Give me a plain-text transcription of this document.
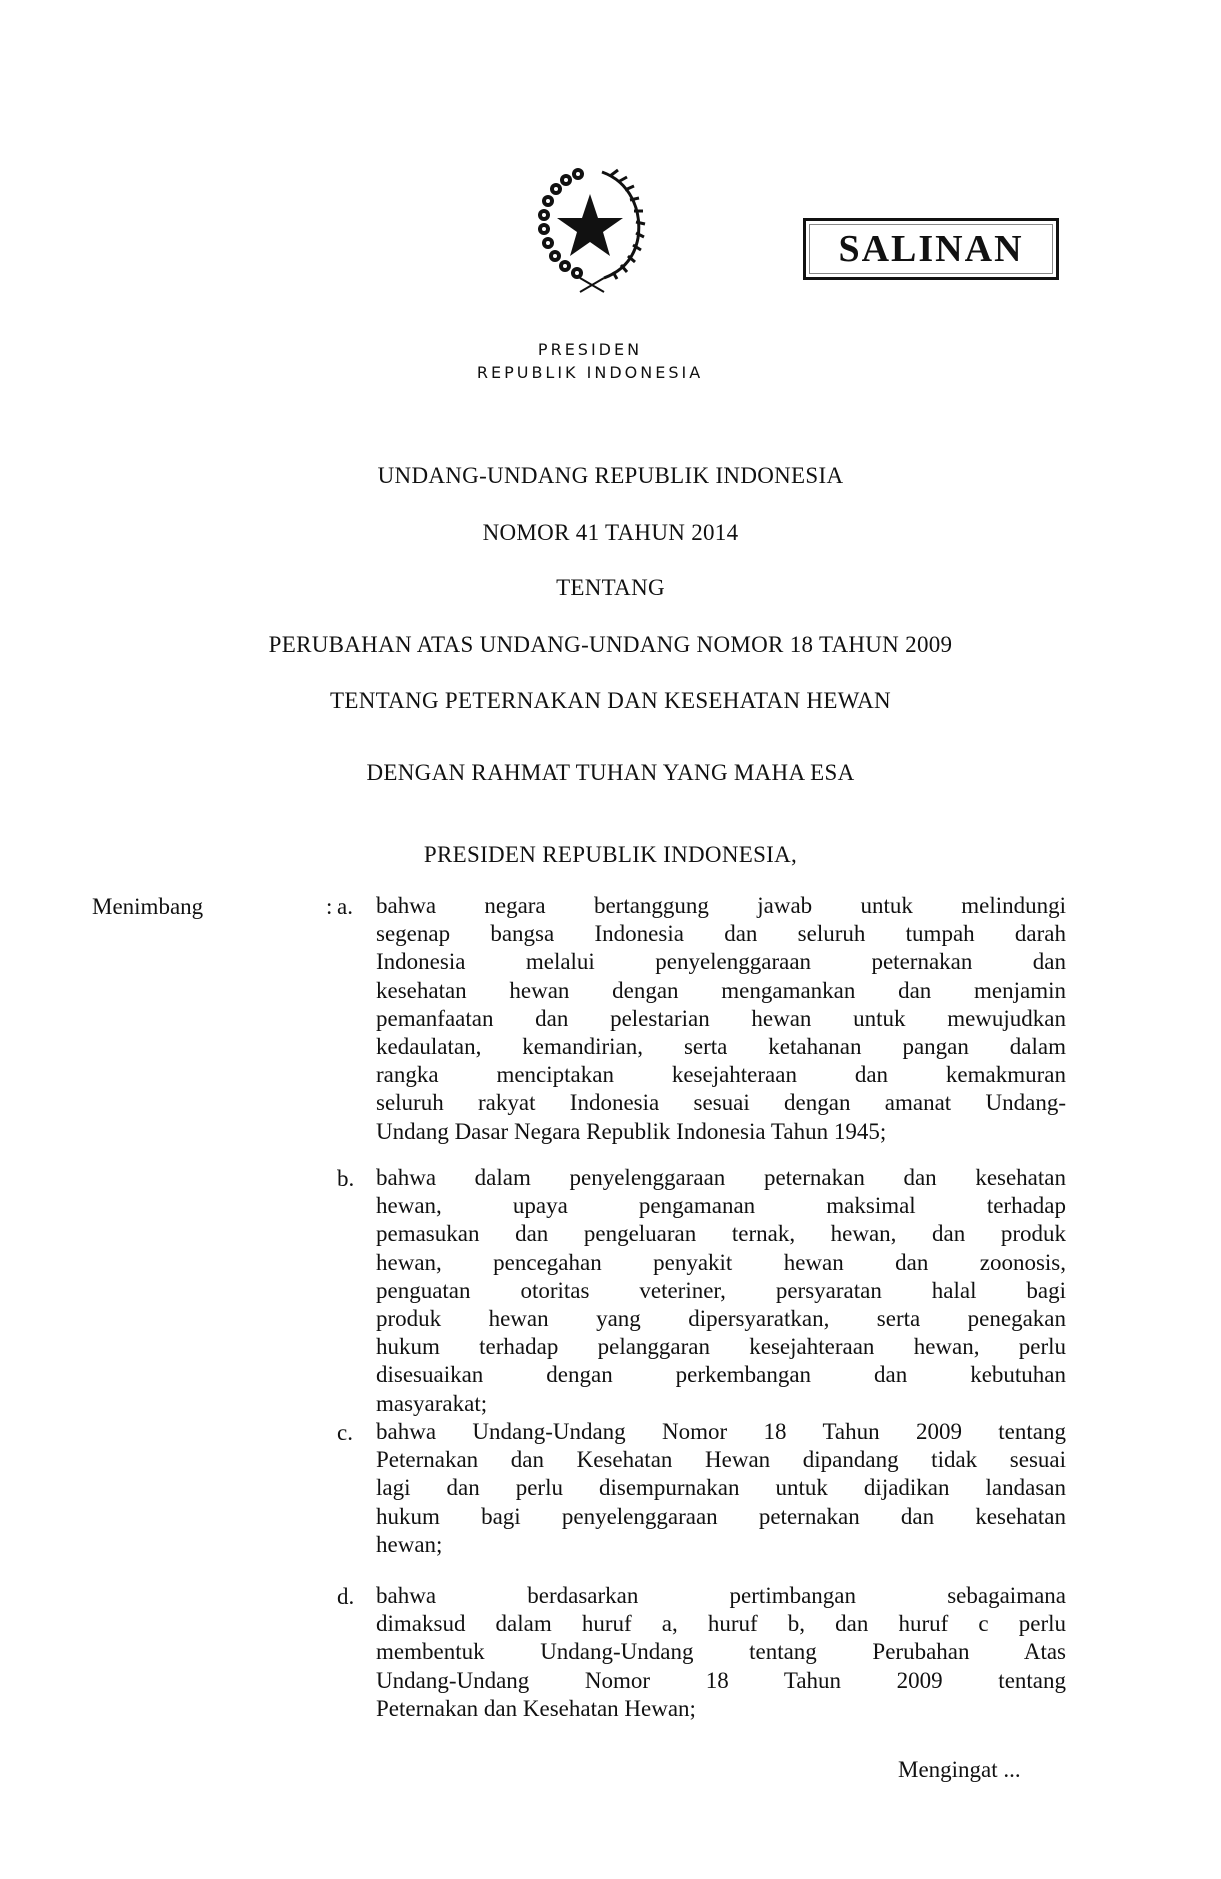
SALINAN
PRESIDEN
REPUBLIK INDONESIA
UNDANG-UNDANG REPUBLIK INDONESIA
NOMOR 41 TAHUN 2014
TENTANG
PERUBAHAN ATAS UNDANG-UNDANG NOMOR 18 TAHUN 2009
TENTANG PETERNAKAN DAN KESEHATAN HEWAN
DENGAN RAHMAT TUHAN YANG MAHA ESA
PRESIDEN REPUBLIK INDONESIA,
Menimbang	: a. bahwa negara bertanggung jawab untuk melindungi
segenap bangsa Indonesia dan seluruh tumpah darah
Indonesia melalui penyelenggaraan peternakan dan
kesehatan hewan dengan mengamankan dan menjamin
pemanfaatan dan pelestarian hewan untuk mewujudkan
kedaulatan, kemandirian, serta ketahanan pangan dalam
rangka menciptakan kesejahteraan dan kemakmuran
seluruh rakyat Indonesia sesuai dengan amanat Undang-
Undang Dasar Negara Republik Indonesia Tahun 1945;
b. bahwa dalam penyelenggaraan peternakan dan kesehatan
hewan, upaya pengamanan maksimal terhadap
pemasukan dan pengeluaran ternak, hewan, dan produk
hewan, pencegahan penyakit hewan dan zoonosis,
penguatan otoritas veteriner, persyaratan halal bagi
produk hewan yang dipersyaratkan, serta penegakan
hukum terhadap pelanggaran kesejahteraan hewan, perlu
disesuaikan dengan perkembangan dan kebutuhan
masyarakat;
c. bahwa Undang-Undang Nomor 18 Tahun 2009 tentang
Peternakan dan Kesehatan Hewan dipandang tidak sesuai
lagi dan perlu disempurnakan untuk dijadikan landasan
hukum bagi penyelenggaraan peternakan dan kesehatan
hewan;
d. bahwa berdasarkan pertimbangan sebagaimana
dimaksud dalam huruf a, huruf b, dan huruf c perlu
membentuk Undang-Undang tentang Perubahan Atas
Undang-Undang Nomor 18 Tahun 2009 tentang
Peternakan dan Kesehatan Hewan;
Mengingat ...
